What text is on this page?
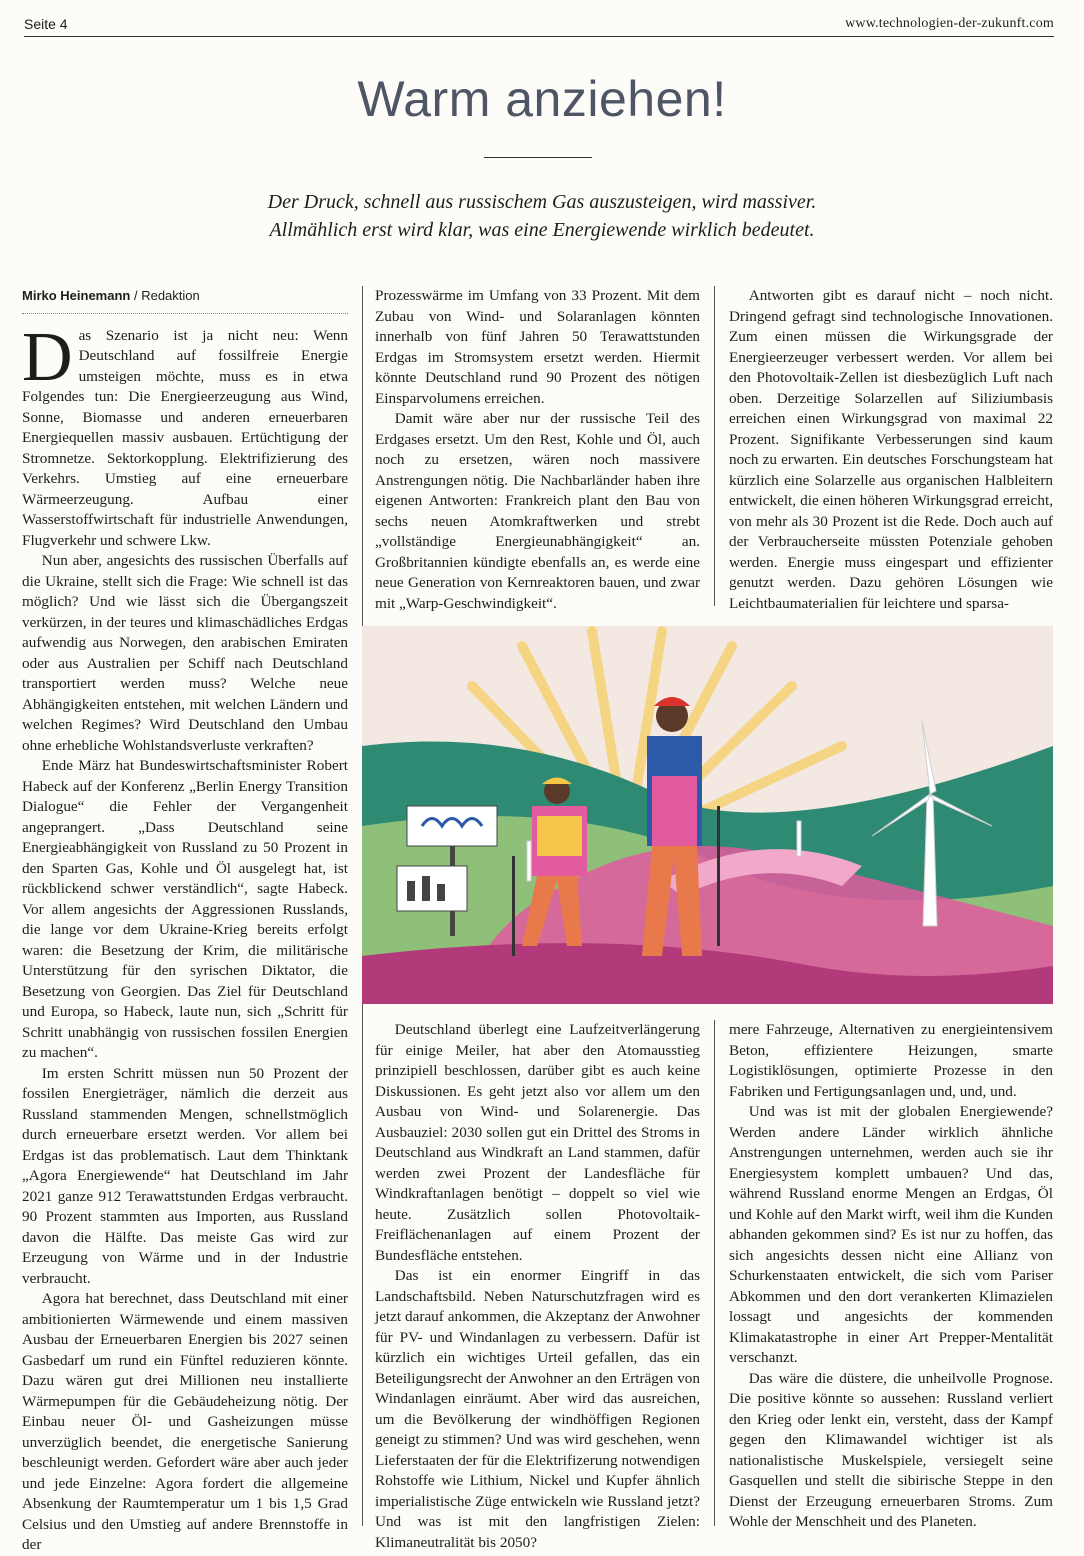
Seite 4	www.technologien-der-zukunft.com
Warm anziehen!
Der Druck, schnell aus russischem Gas auszusteigen, wird massiver.
Allmählich erst wird klar, was eine Energiewende wirklich bedeutet.
Mirko Heinemann / Redaktion

Das Szenario ist ja nicht neu: Wenn Deutschland auf fossilfreie Energie umsteigen möchte, muss es in etwa Folgendes tun: Die Energieerzeugung aus Wind, Sonne, Biomasse und anderen erneuerbaren Energiequellen massiv ausbauen. Ertüchtigung der Stromnetze. Sektorkopplung. Elektrifizierung des Verkehrs. Umstieg auf eine erneuerbare Wärmeerzeugung. Aufbau einer Wasserstoffwirtschaft für industrielle Anwendungen, Flugverkehr und schwere Lkw.

Nun aber, angesichts des russischen Überfalls auf die Ukraine, stellt sich die Frage: Wie schnell ist das möglich? Und wie lässt sich die Übergangszeit verkürzen, in der teures und klimaschädliches Erdgas aufwendig aus Norwegen, den arabischen Emiraten oder aus Australien per Schiff nach Deutschland transportiert werden muss? Welche neue Abhängigkeiten entstehen, mit welchen Ländern und welchen Regimes? Wird Deutschland den Umbau ohne erhebliche Wohlstandsverluste verkraften?

Ende März hat Bundeswirtschaftsminister Robert Habeck auf der Konferenz „Berlin Energy Transition Dialogue“ die Fehler der Vergangenheit angeprangert. „Dass Deutschland seine Energieabhängigkeit von Russland zu 50 Prozent in den Sparten Gas, Kohle und Öl ausgelegt hat, ist rückblickend schwer verständlich“, sagte Habeck. Vor allem angesichts der Aggressionen Russlands, die lange vor dem Ukraine-Krieg bereits erfolgt waren: die Besetzung der Krim, die militärische Unterstützung für den syrischen Diktator, die Besetzung von Georgien. Das Ziel für Deutschland und Europa, so Habeck, laute nun, sich „Schritt für Schritt unabhängig von russischen fossilen Energien zu machen“.

Im ersten Schritt müssen nun 50 Prozent der fossilen Energieträger, nämlich die derzeit aus Russland stammenden Mengen, schnellstmöglich durch erneuerbare ersetzt werden. Vor allem bei Erdgas ist das problematisch. Laut dem Thinktank „Agora Energiewende“ hat Deutschland im Jahr 2021 ganze 912 Terawattstunden Erdgas verbraucht. 90 Prozent stammten aus Importen, aus Russland davon die Hälfte. Das meiste Gas wird zur Erzeugung von Wärme und in der Industrie verbraucht.

Agora hat berechnet, dass Deutschland mit einer ambitionierten Wärmewende und einem massiven Ausbau der Erneuerbaren Energien bis 2027 seinen Gasbedarf um rund ein Fünftel reduzieren könnte. Dazu wären gut drei Millionen neu installierte Wärmepumpen für die Gebäudeheizung nötig. Der Einbau neuer Öl- und Gasheizungen müsse unverzüglich beendet, die energetische Sanierung beschleunigt werden. Gefordert wäre aber auch jeder und jede Einzelne: Agora fordert die allgemeine Absenkung der Raumtemperatur um 1 bis 1,5 Grad Celsius und den Umstieg auf andere Brennstoffe in der

Prozesswärme im Umfang von 33 Prozent. Mit dem Zubau von Wind- und Solaranlagen könnten innerhalb von fünf Jahren 50 Terawattstunden Erdgas im Stromsystem ersetzt werden. Hiermit könnte Deutschland rund 90 Prozent des nötigen Einsparvolumens erreichen.

Damit wäre aber nur der russische Teil des Erdgases ersetzt. Um den Rest, Kohle und Öl, auch noch zu ersetzen, wären noch massivere Anstrengungen nötig. Die Nachbarländer haben ihre eigenen Antworten: Frankreich plant den Bau von sechs neuen Atomkraftwerken und strebt „vollständige Energieunabhängigkeit“ an. Großbritannien kündigte ebenfalls an, es werde eine neue Generation von Kernreaktoren bauen, und zwar mit „Warp-Geschwindigkeit“.

Antworten gibt es darauf nicht – noch nicht. Dringend gefragt sind technologische Innovationen. Zum einen müssen die Wirkungsgrade der Energieerzeuger verbessert werden. Vor allem bei den Photovoltaik-Zellen ist diesbezüglich Luft nach oben. Derzeitige Solarzellen auf Siliziumbasis erreichen einen Wirkungsgrad von maximal 22 Prozent. Signifikante Verbesserungen sind kaum noch zu erwarten. Ein deutsches Forschungsteam hat kürzlich eine Solarzelle aus organischen Halbleitern entwickelt, die einen höheren Wirkungsgrad erreicht, von mehr als 30 Prozent ist die Rede. Doch auch auf der Verbraucherseite müssten Potenziale gehoben werden. Energie muss eingespart und effizienter genutzt werden. Dazu gehören Lösungen wie Leichtbaumaterialien für leichtere und sparsa-

Deutschland überlegt eine Laufzeitverlängerung für einige Meiler, hat aber den Atomausstieg prinzipiell beschlossen, darüber gibt es auch keine Diskussionen. Es geht jetzt also vor allem um den Ausbau von Wind- und Solarenergie. Das Ausbauziel: 2030 sollen gut ein Drittel des Stroms in Deutschland aus Windkraft an Land stammen, dafür werden zwei Prozent der Landesfläche für Windkraftanlagen benötigt – doppelt so viel wie heute. Zusätzlich sollen Photovoltaik-Freiflächenanlagen auf einem Prozent der Bundesfläche entstehen.

Das ist ein enormer Eingriff in das Landschaftsbild. Neben Naturschutzfragen wird es jetzt darauf ankommen, die Akzeptanz der Anwohner für PV- und Windanlagen zu verbessern. Dafür ist kürzlich ein wichtiges Urteil gefallen, das ein Beteiligungsrecht der Anwohner an den Erträgen von Windanlagen einräumt. Aber wird das ausreichen, um die Bevölkerung der windhöffigen Regionen geneigt zu stimmen? Und was wird geschehen, wenn Lieferstaaten der für die Elektrifizerung notwendigen Rohstoffe wie Lithium, Nickel und Kupfer ähnlich imperialistische Züge entwickeln wie Russland jetzt? Und was ist mit den langfristigen Zielen: Klimaneutralität bis 2050?

mere Fahrzeuge, Alternativen zu energieintensivem Beton, effizientere Heizungen, smarte Logistiklösungen, optimierte Prozesse in den Fabriken und Fertigungsanlagen und, und, und.

Und was ist mit der globalen Energiewende? Werden andere Länder wirklich ähnliche Anstrengungen unternehmen, werden auch sie ihr Energiesystem komplett umbauen? Und das, während Russland enorme Mengen an Erdgas, Öl und Kohle auf den Markt wirft, weil ihm die Kunden abhanden gekommen sind? Es ist nur zu hoffen, das sich angesichts dessen nicht eine Allianz von Schurkenstaaten entwickelt, die sich vom Pariser Abkommen und den dort verankerten Klimazielen lossagt und angesichts der kommenden Klimakatastrophe in einer Art Prepper-Mentalität verschanzt.

Das wäre die düstere, die unheilvolle Prognose. Die positive könnte so aussehen: Russland verliert den Krieg oder lenkt ein, versteht, dass der Kampf gegen den Klimawandel wichtiger ist als nationalistische Muskelspiele, versiegelt seine Gasquellen und stellt die sibirische Steppe in den Dienst der Erzeugung erneuerbaren Stroms. Zum Wohle der Menschheit und des Planeten.
